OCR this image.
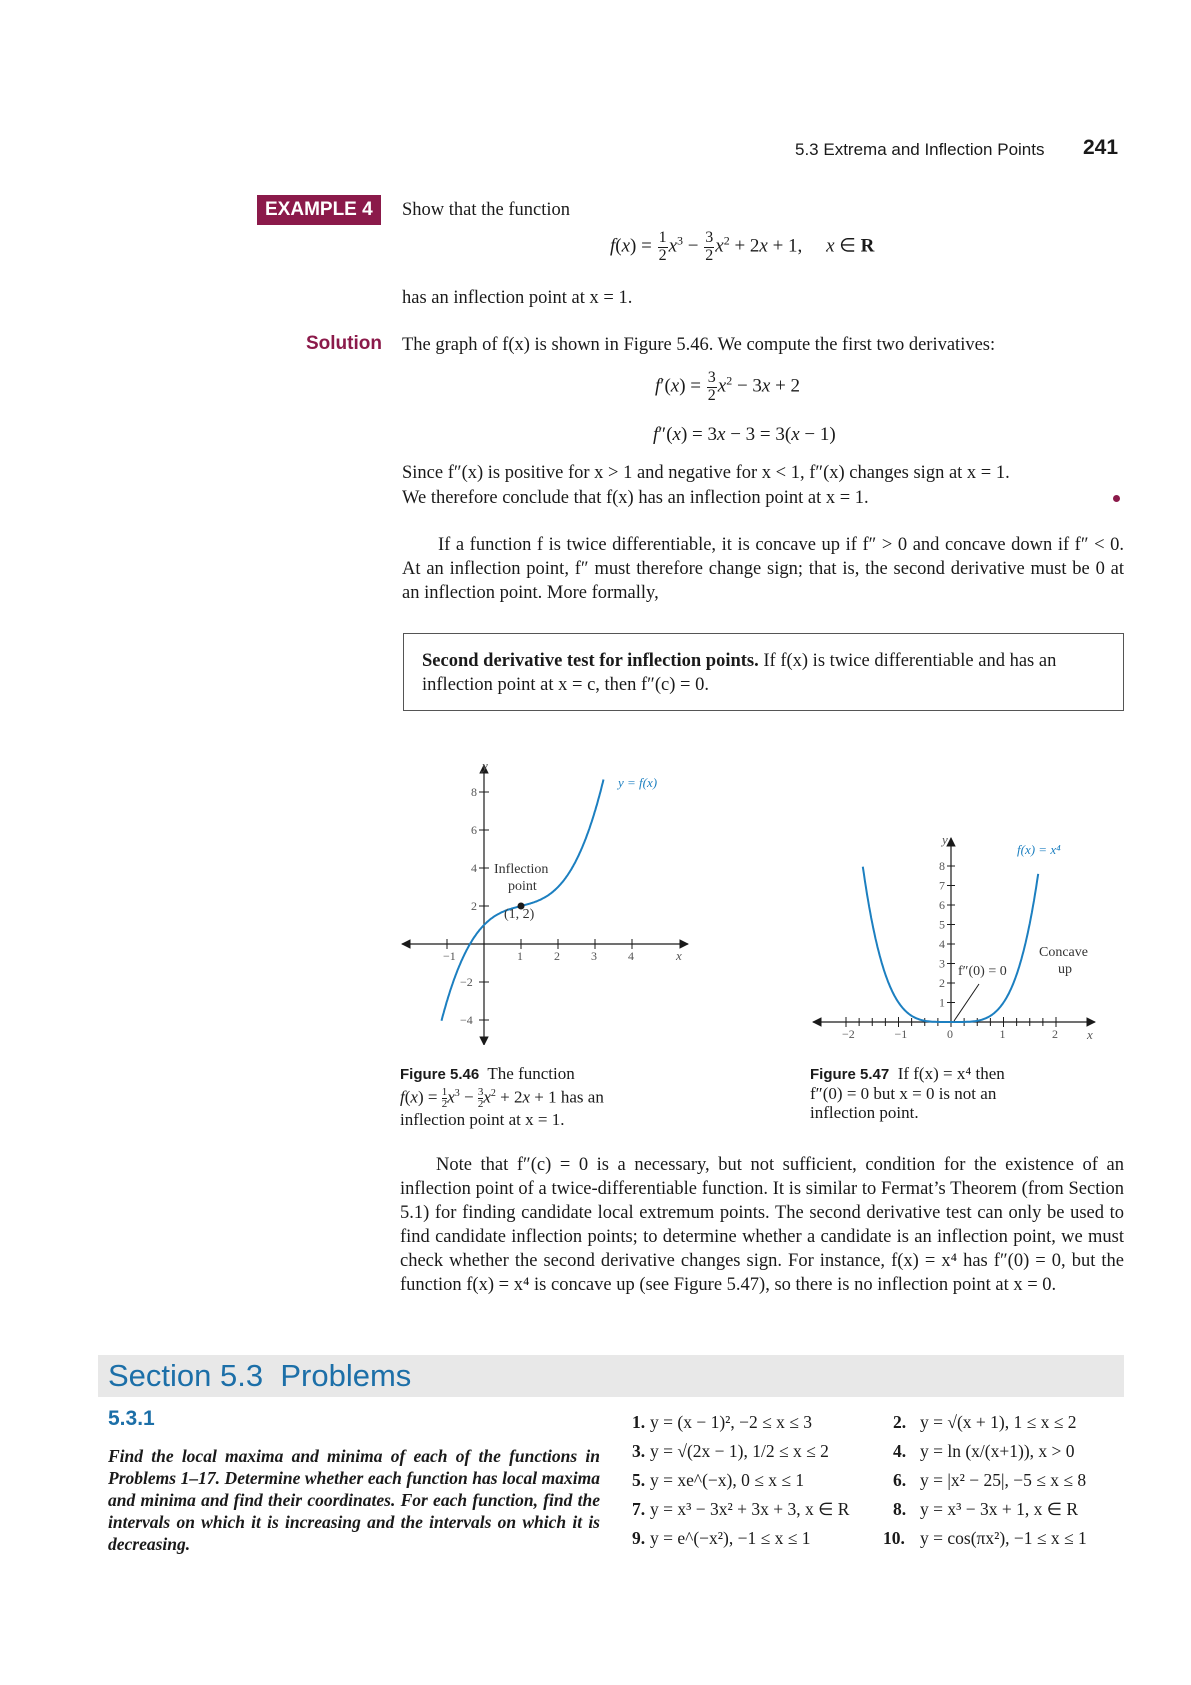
5.3 Extrema and Inflection Points 241
EXAMPLE 4	Show that the function
$f(x) = \frac{1}{2} x^3 - \frac{3}{2} x^2 + 2x + 1$,     x ∈ R
has an inflection point at x = 1.
Solution The graph of f(x) is shown in Figure 5.46. We compute the first two derivatives:
$f'(x) = \frac{3}{2} x^2 - 3x + 2$
f″(x) = 3x − 3 = 3(x − 1)
Since f″(x) is positive for x > 1 and negative for x < 1, f″(x) changes sign at x = 1.
We therefore conclude that f(x) has an inflection point at x = 1.
If a function f is twice differentiable, it is concave up if f″ > 0 and concave down if f″ < 0. At an inflection point, f″ must therefore change sign; that is, the second derivative must be 0 at an inflection point. More formally,
Second derivative test for inflection points. If f(x) is twice differentiable and has an inflection point at x = c, then f″(c) = 0.
−1	1	2	3	4
8
6
4
2
−2
−4
y
x
y = f(x)
Inflection
point
(1, 2)
Figure 5.46 The function
$f(x) = \frac{1}{2} x^3 - \frac{3}{2} x^2 + 2x + 1$ has an
inflection point at x = 1.
−2	−1	0	1	2
8
7
6
5
4
3
2
1
y
x
f(x) = x⁴
Concave
up
f″(0) = 0
Figure 5.47 If f(x) = x⁴ then
f″(0) = 0 but x = 0 is not an
inflection point.
Note that f″(c) = 0 is a necessary, but not sufficient, condition for the existence of an inflection point of a twice-differentiable function. It is similar to Fermat’s Theorem (from Section 5.1) for finding candidate local extremum points. The second derivative test can only be used to find candidate inflection points; to determine whether a candidate is an inflection point, we must check whether the second derivative changes sign. For instance, f(x) = x⁴ has f″(0) = 0, but the function f(x) = x⁴ is concave up (see Figure 5.47), so there is no inflection point at x = 0.
Section 5.3  Problems
5.3.1
Find the local maxima and minima of each of the functions in Problems 1–17. Determine whether each function has local maxima and minima and find their coordinates. For each function, find the intervals on which it is increasing and the intervals on which it is decreasing.
1. y = (x − 1)², −2 ≤ x ≤ 3	2. y = √(x + 1), 1 ≤ x ≤ 2
3. y = √(2x − 1), 1/2 ≤ x ≤ 2	4. y = ln (x/(x+1)), x > 0
5. y = xe^(−x), 0 ≤ x ≤ 1	6. y = |x² − 25|, −5 ≤ x ≤ 8
7. y = x³ − 3x² + 3x + 3, x ∈ R 8. y = x³ − 3x + 1, x ∈ R
9. y = e^(−x²), −1 ≤ x ≤ 1	10. y = cos(πx²), −1 ≤ x ≤ 1
